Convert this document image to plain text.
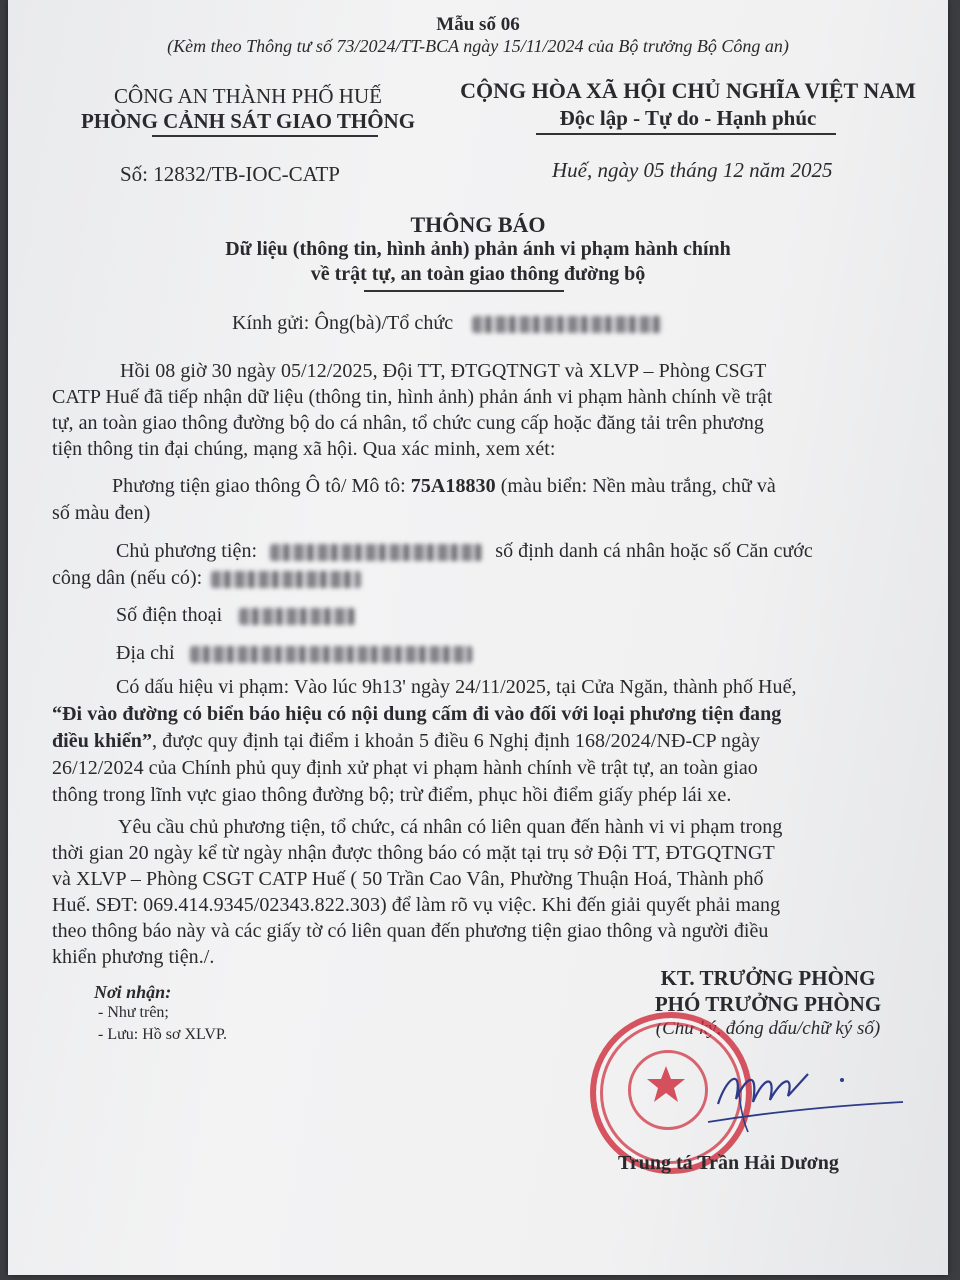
Mẫu số 06
(Kèm theo Thông tư số 73/2024/TT-BCA ngày 15/11/2024 của Bộ trưởng Bộ Công an)
CÔNG AN THÀNH PHỐ HUẾ
PHÒNG CẢNH SÁT GIAO THÔNG
CỘNG HÒA XÃ HỘI CHỦ NGHĨA VIỆT NAM
Độc lập - Tự do - Hạnh phúc
Số: 12832/TB-IOC-CATP	Huế, ngày 05 tháng 12 năm 2025
THÔNG BÁO
Dữ liệu (thông tin, hình ảnh) phản ánh vi phạm hành chính
về trật tự, an toàn giao thông đường bộ
Kính gửi: Ông(bà)/Tổ chức
Hồi 08 giờ 30 ngày 05/12/2025, Đội TT, ĐTGQTNGT và XLVP – Phòng CSGT
CATP Huế đã tiếp nhận dữ liệu (thông tin, hình ảnh) phản ánh vi phạm hành chính về trật
tự, an toàn giao thông đường bộ do cá nhân, tổ chức cung cấp hoặc đăng tải trên phương
tiện thông tin đại chúng, mạng xã hội. Qua xác minh, xem xét:
Phương tiện giao thông Ô tô/ Mô tô: 75A18830 (màu biển: Nền màu trắng, chữ và
số màu đen)
Chủ phương tiện:	số định danh cá nhân hoặc số Căn cước
công dân (nếu có):
Số điện thoại
Địa chỉ
Có dấu hiệu vi phạm: Vào lúc 9h13' ngày 24/11/2025, tại Cửa Ngăn, thành phố Huế,
“Đi vào đường có biển báo hiệu có nội dung cấm đi vào đối với loại phương tiện đang
điều khiển”, được quy định tại điểm i khoản 5 điều 6 Nghị định 168/2024/NĐ-CP ngày
26/12/2024 của Chính phủ quy định xử phạt vi phạm hành chính về trật tự, an toàn giao
thông trong lĩnh vực giao thông đường bộ; trừ điểm, phục hồi điểm giấy phép lái xe.
Yêu cầu chủ phương tiện, tổ chức, cá nhân có liên quan đến hành vi vi phạm trong
thời gian 20 ngày kể từ ngày nhận được thông báo có mặt tại trụ sở Đội TT, ĐTGQTNGT
và XLVP – Phòng CSGT CATP Huế ( 50 Trần Cao Vân, Phường Thuận Hoá, Thành phố
Huế. SĐT: 069.414.9345/02343.822.303) để làm rõ vụ việc. Khi đến giải quyết phải mang
theo thông báo này và các giấy tờ có liên quan đến phương tiện giao thông và người điều
khiển phương tiện./.
Nơi nhận:
- Như trên;
- Lưu: Hồ sơ XLVP.
KT. TRƯỞNG PHÒNG
PHÓ TRƯỞNG PHÒNG
(Chữ ký, đóng dấu/chữ ký số)
Trung tá Trần Hải Dương
